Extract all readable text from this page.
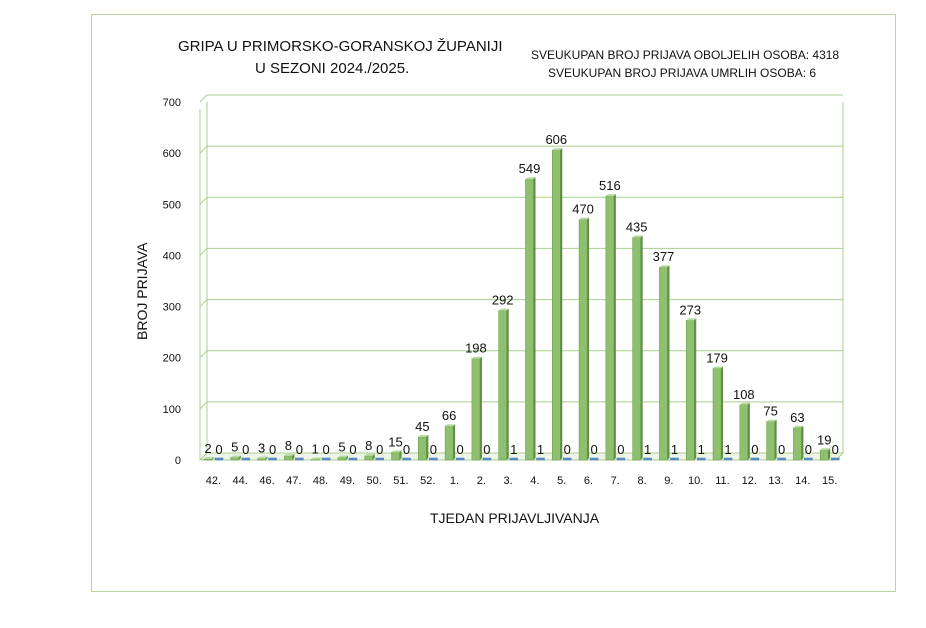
GRIPA U PRIMORSKO-GORANSKOJ ŽUPANIJI
U SEZONI 2024./2025.
SVEUKUPAN BROJ PRIJAVA OBOLJELIH OSOBA: 4318
SVEUKUPAN BROJ PRIJAVA UMRLIH OSOBA: 6
TJEDAN PRIJAVLJIVANJA
BROJ PRIJAVA
0
100
200
300
400
500
600
700
2 0
42.
5 0
44.
3 0
46.
8 0
47.
1 0
48.
5 0
49.
8 0
50.
15
0
51.
45
0
52.
66
0
1.
198
0
2.
292
1
3.
549
1
4.
606
0
5.
470
0
6.
516
0
7.
435
1
8.
377
1
9.
273
1
10.
179
1
11.
108
0
12.
75
0
13.
63
0
14.
19
0
15.
